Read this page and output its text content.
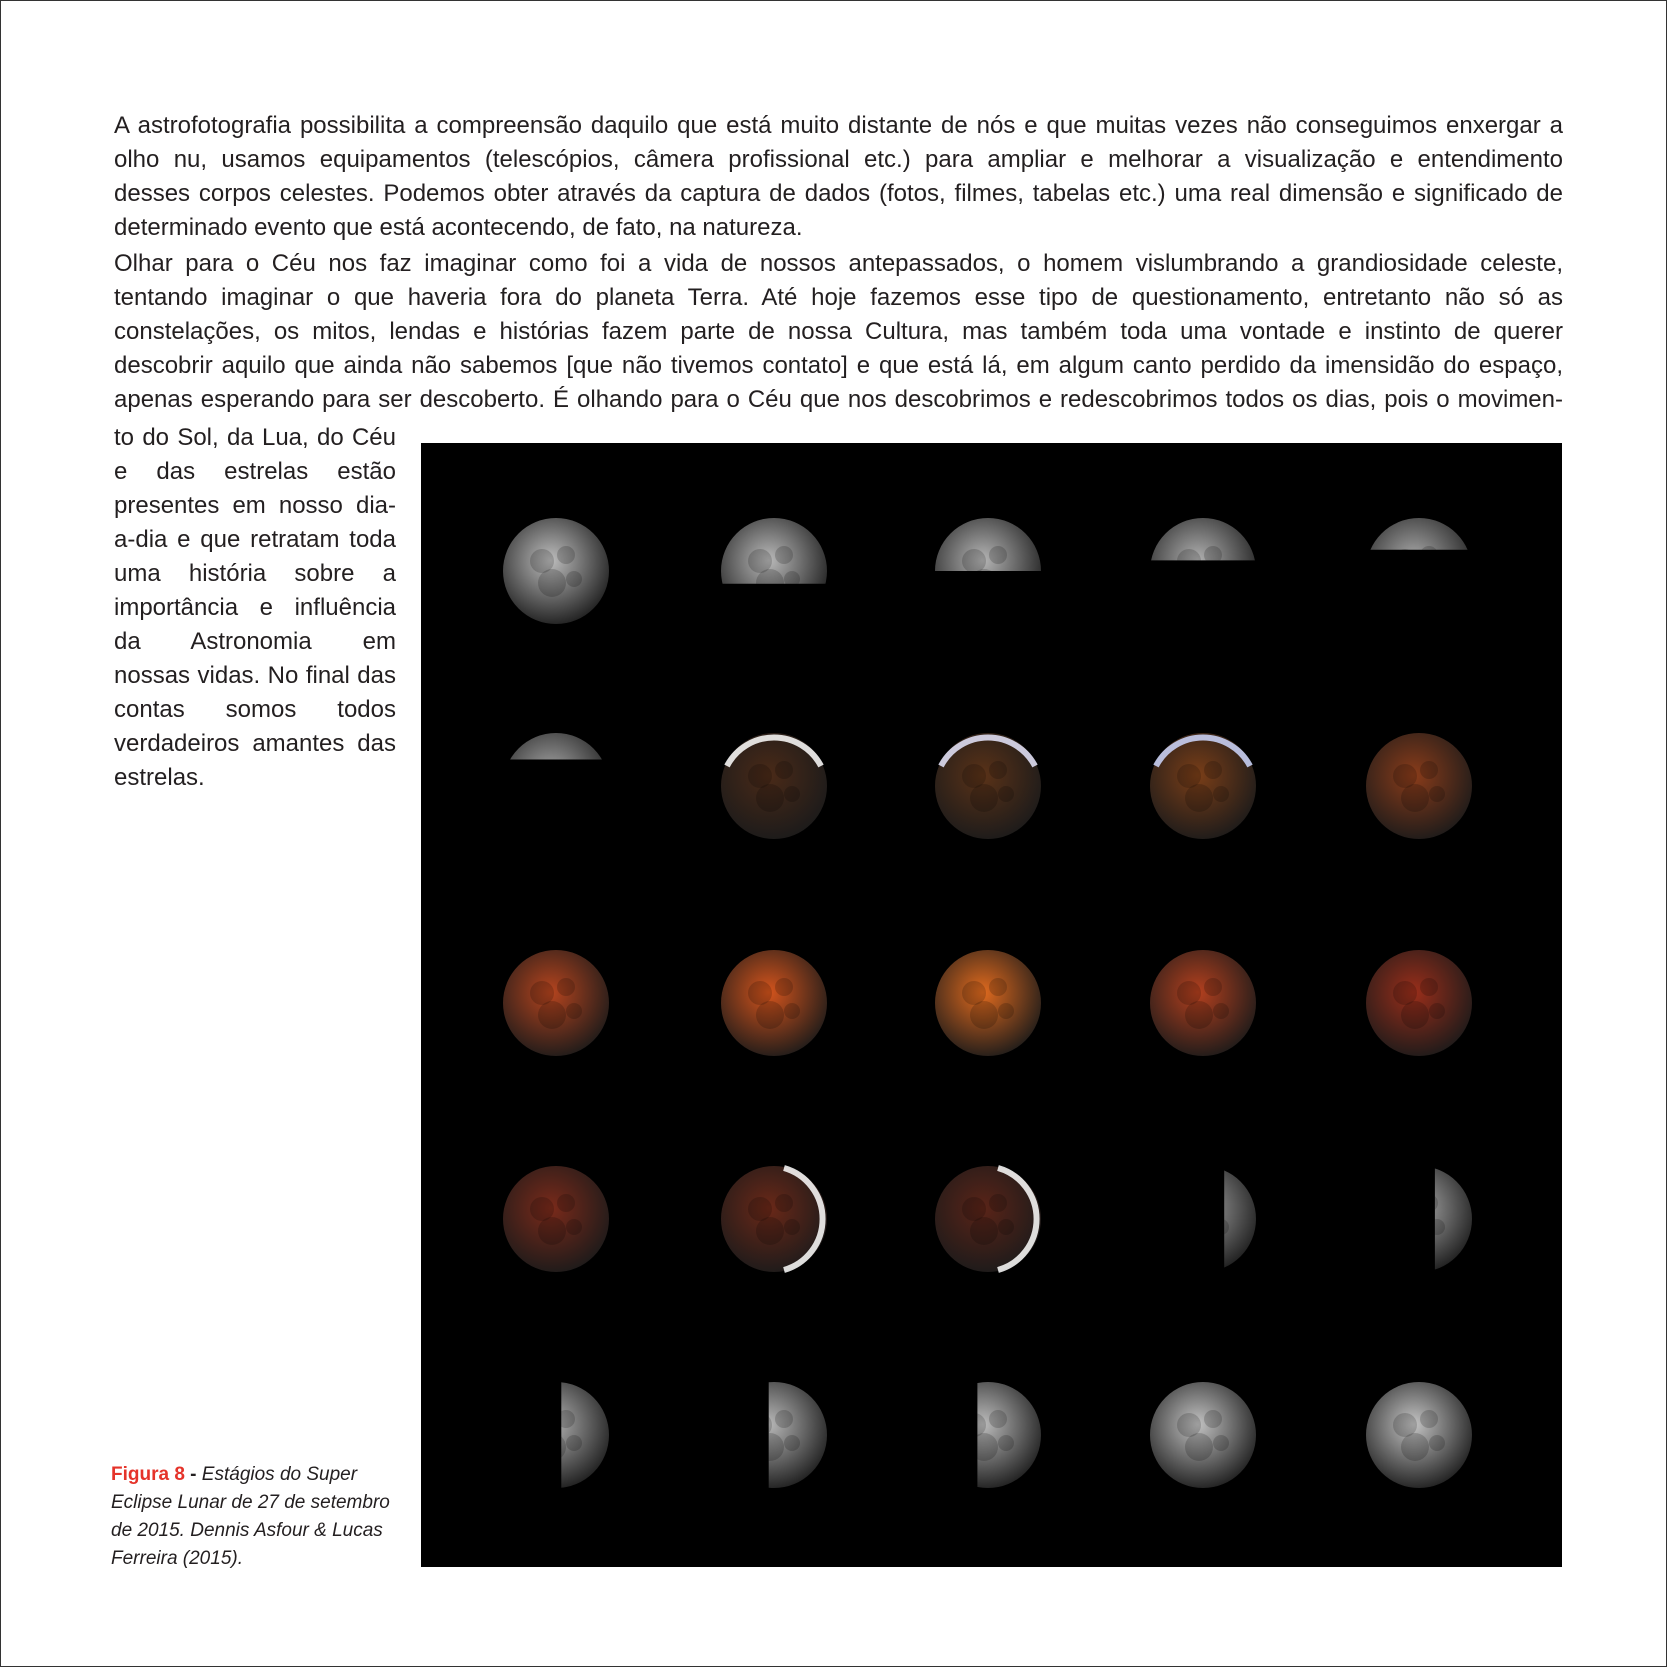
A astrofotografia possibilita a compreensão daquilo que está muito distante de nós e que muitas vezes não conseguimos enxergar a
olho nu, usamos equipamentos (telescópios, câmera profissional etc.) para ampliar e melhorar a visualização e entendimento
desses corpos celestes. Podemos obter através da captura de dados (fotos, filmes, tabelas etc.) uma real dimensão e significado de
determinado evento que está acontecendo, de fato, na natureza.
Olhar para o Céu nos faz imaginar como foi a vida de nossos antepassados, o homem vislumbrando a grandiosidade celeste,
tentando imaginar o que haveria fora do planeta Terra. Até hoje fazemos esse tipo de questionamento, entretanto não só as
constelações, os mitos, lendas e histórias fazem parte de nossa Cultura, mas também toda uma vontade e instinto de querer
descobrir aquilo que ainda não sabemos [que não tivemos contato] e que está lá, em algum canto perdido da imensidão do espaço,
apenas esperando para ser descoberto. É olhando para o Céu que nos descobrimos e redescobrimos todos os dias, pois o movimen-
to do Sol, da Lua, do Céu
e das estrelas estão
presentes em nosso dia-
a-dia e que retratam toda
uma história sobre a
importância e influência
da Astronomia em
nossas vidas. No final das
contas somos todos
verdadeiros amantes das
estrelas.

Figura 8 - Estágios do Super Eclipse Lunar de 27 de setembro de 2015. Dennis Asfour & Lucas Ferreira (2015).
